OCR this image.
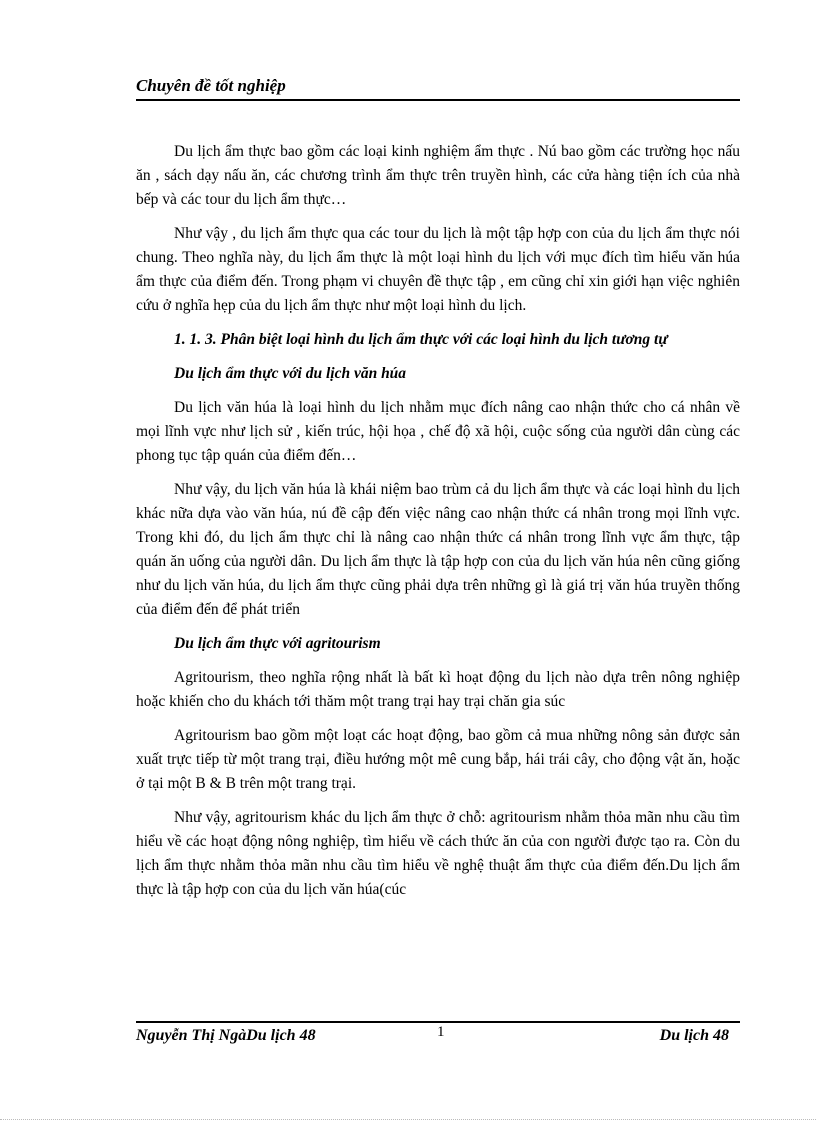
Chuyên đề tốt nghiệp

Du lịch ẩm thực bao gồm các loại kinh nghiệm ẩm thực . Nú bao gồm các trường học nấu ăn , sách dạy nấu ăn, các chương trình ẩm thực trên truyền hình, các cửa hàng tiện ích của nhà bếp và các tour du lịch ẩm thực…

Như vậy , du lịch ẩm thực qua các tour du lịch là một tập hợp con của du lịch ẩm thực nói chung. Theo nghĩa này, du lịch ẩm thực là một loại hình du lịch với mục đích tìm hiểu văn húa ẩm thực của điểm đến. Trong phạm vi chuyên đề thực tập , em cũng chỉ xin giới hạn việc nghiên cứu ở nghĩa hẹp của du lịch ẩm thực như một loại hình du lịch.

1. 1. 3. Phân biệt loại hình du lịch ẩm thực với các loại hình du lịch tương tự
Du lịch ẩm thực với du lịch văn húa

Du lịch văn húa là loại hình du lịch nhằm mục đích nâng cao nhận thức cho cá nhân về mọi lĩnh vực như lịch sử , kiến trúc, hội họa , chế độ xã hội, cuộc sống của người dân cùng các phong tục tập quán của điểm đến…

Như vậy, du lịch văn húa là khái niệm bao trùm cả du lịch ẩm thực và các loại hình du lịch khác nữa dựa vào văn húa, nú đề cập đến việc nâng cao nhận thức cá nhân trong mọi lĩnh vực. Trong khi đó, du lịch ẩm thực chỉ là nâng cao nhận thức cá nhân trong lĩnh vực ẩm thực, tập quán ăn uống của người dân. Du lịch ẩm thực là tập hợp con của du lịch văn húa nên cũng giống như du lịch văn húa, du lịch ẩm thực cũng phải dựa trên những gì là giá trị văn húa truyền thống của điểm đến để phát triển

Du lịch ẩm thực với agritourism

Agritourism, theo nghĩa rộng nhất là bất kì hoạt động du lịch nào dựa trên nông nghiệp hoặc khiến cho du khách tới thăm một trang trại hay trại chăn gia súc

Agritourism bao gồm một loạt các hoạt động, bao gồm cả mua những nông sản được sản xuất trực tiếp từ một trang trại, điều hướng một mê cung bắp, hái trái cây, cho động vật ăn, hoặc ở tại một B & B trên một trang trại.

Như vậy, agritourism khác du lịch ẩm thực ở chỗ: agritourism nhằm thỏa mãn nhu cầu tìm hiểu về các hoạt động nông nghiệp, tìm hiểu về cách thức ăn của con người được tạo ra. Còn du lịch ẩm thực nhằm thỏa mãn nhu cầu tìm hiểu về nghệ thuật ẩm thực của điểm đến.Du lịch ẩm thực là tập hợp con của du lịch văn húa(cúc

Nguyễn Thị NgàDu lịch 48	1	Du lịch 48
